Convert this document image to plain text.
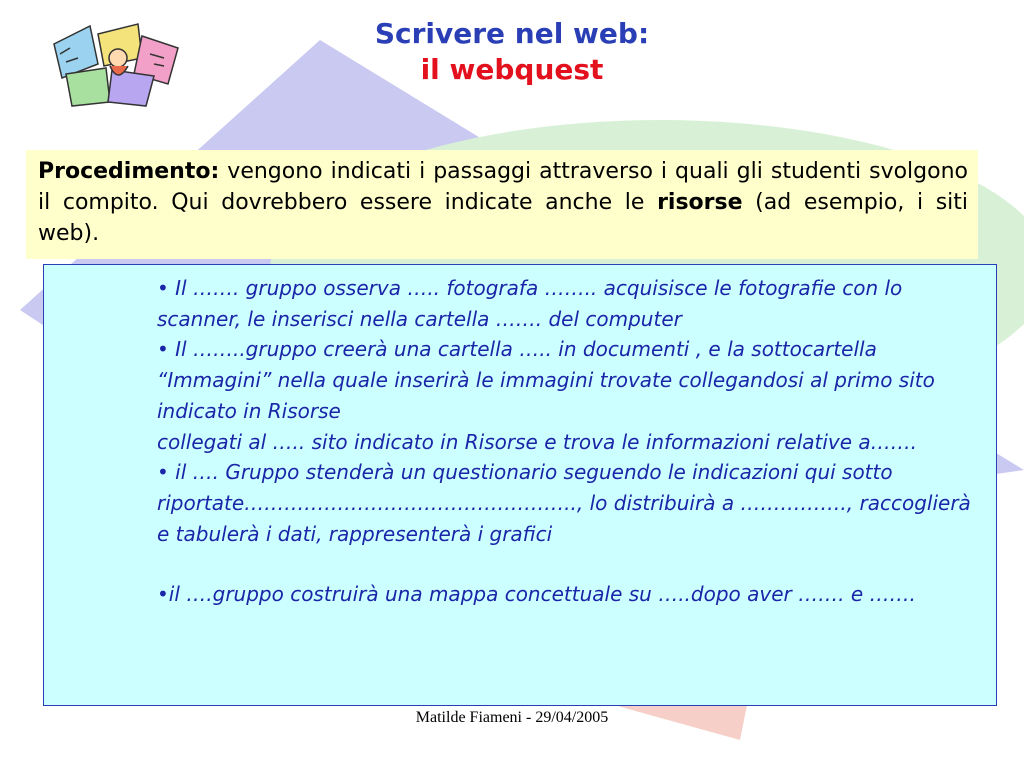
Scrivere nel web:
il webquest
Procedimento: vengono indicati i passaggi attraverso i quali gli studenti svolgono il compito. Qui dovrebbero essere indicate anche le risorse (ad esempio, i siti web).

• Il ……. gruppo osserva ….. fotografa …….. acquisisce le fotografie con lo scanner, le inserisci nella cartella ……. del computer

• Il ……..gruppo creerà una cartella ….. in documenti , e la sottocartella “Immagini” nella quale inserirà le immagini trovate collegandosi al primo sito indicato in Risorse

collegati al ….. sito indicato in Risorse e trova le informazioni relative a…….

• il …. Gruppo stenderà un questionario seguendo le indicazioni qui sotto riportate………………………………………….., lo distribuirà a ……………., raccoglierà e tabulerà i dati, rappresenterà i grafici

•il ….gruppo costruirà una mappa concettuale su …..dopo aver ……. e …….

Matilde Fiameni - 29/04/2005
